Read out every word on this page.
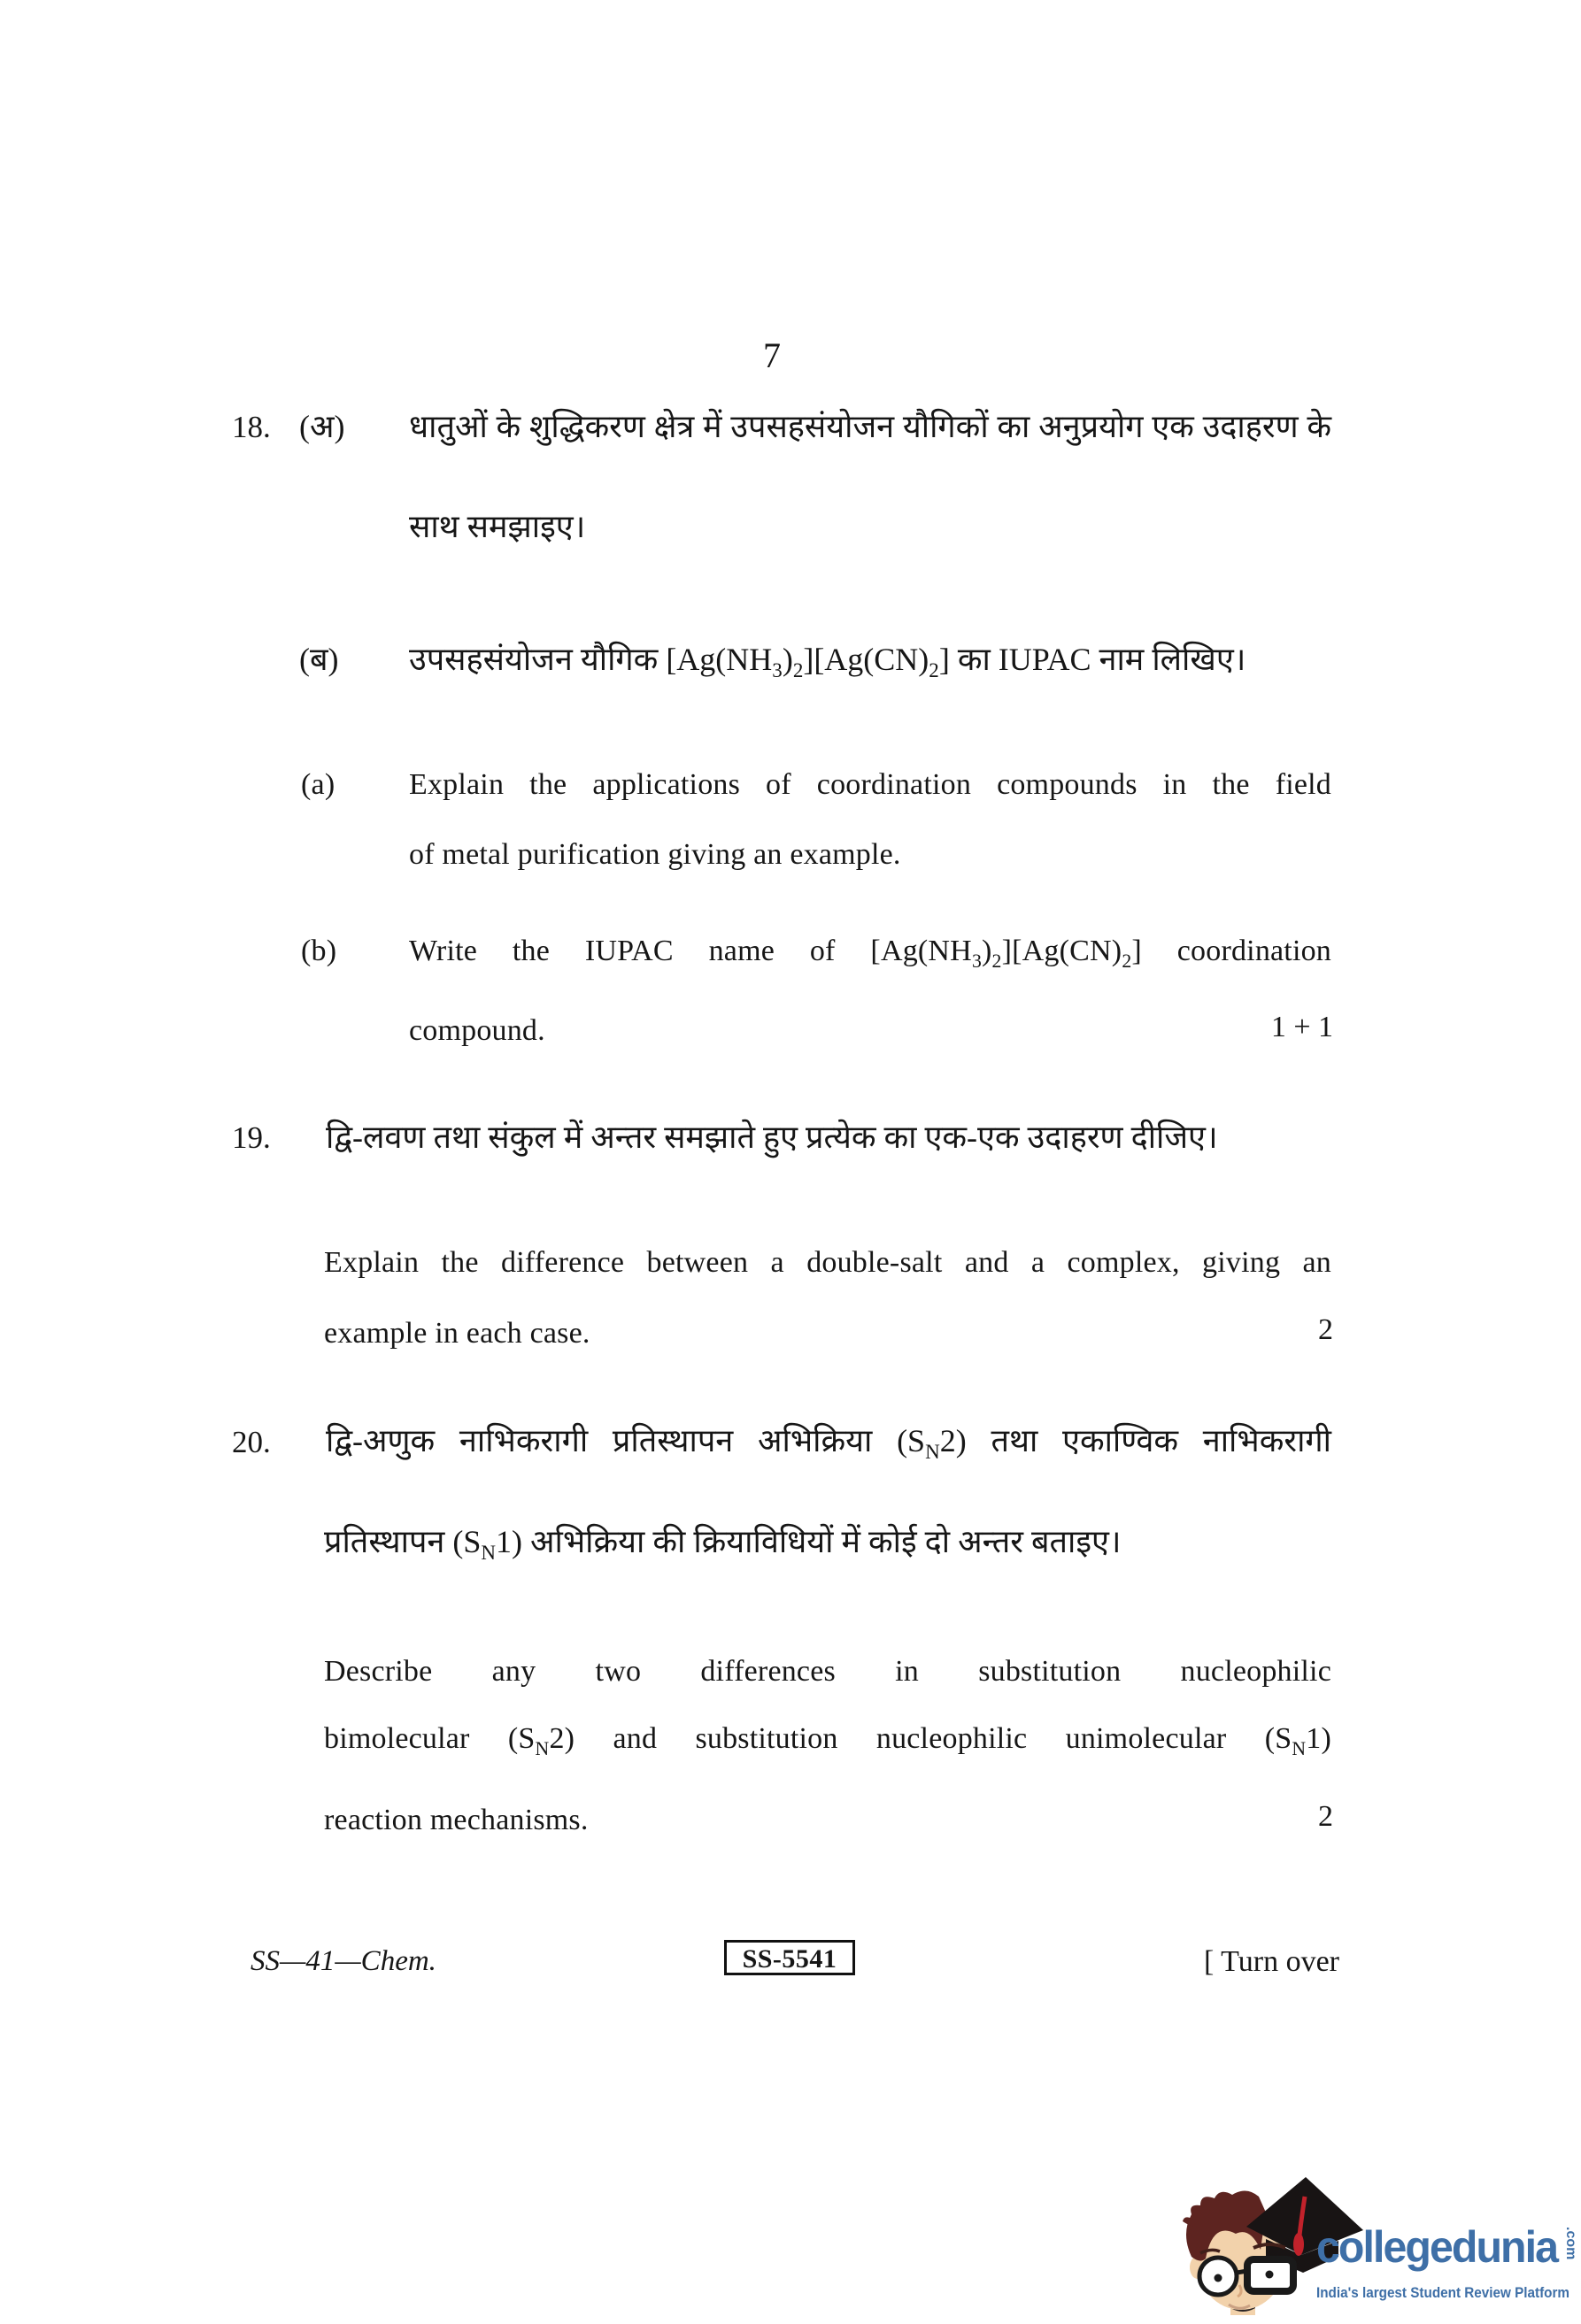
7
18. (अ) धातुओं के शुद्धिकरण क्षेत्र में उपसहसंयोजन यौगिकों का अनुप्रयोग एक उदाहरण के
साथ समझाइए।
(ब) उपसहसंयोजन यौगिक $[Ag(NH_3)_2][Ag(CN)_2]$ का IUPAC नाम लिखिए।
(a) Explain the applications of coordination compounds in the field
of metal purification giving an example.
(b) Write the IUPAC name of $[Ag(NH_3)_2][Ag(CN)_2]$ coordination
compound.	1 + 1
19. द्वि-लवण तथा संकुल में अन्तर समझाते हुए प्रत्येक का एक-एक उदाहरण दीजिए।
Explain the difference between a double-salt and a complex, giving an
example in each case.	2
20. द्वि-अणुक नाभिकरागी प्रतिस्थापन अभिक्रिया $(S_N2)$ तथा एकाण्विक नाभिकरागी
प्रतिस्थापन $(S_N1)$ अभिक्रिया की क्रियाविधियों में कोई दो अन्तर बताइए।
Describe any two differences in substitution nucleophilic
bimolecular $(S_N2)$ and substitution nucleophilic unimolecular $(S_N1)$
reaction mechanisms.	2
SS—41—Chem.	SS-5541	[ Turn over
collegedunia .com
India's largest Student Review Platform
